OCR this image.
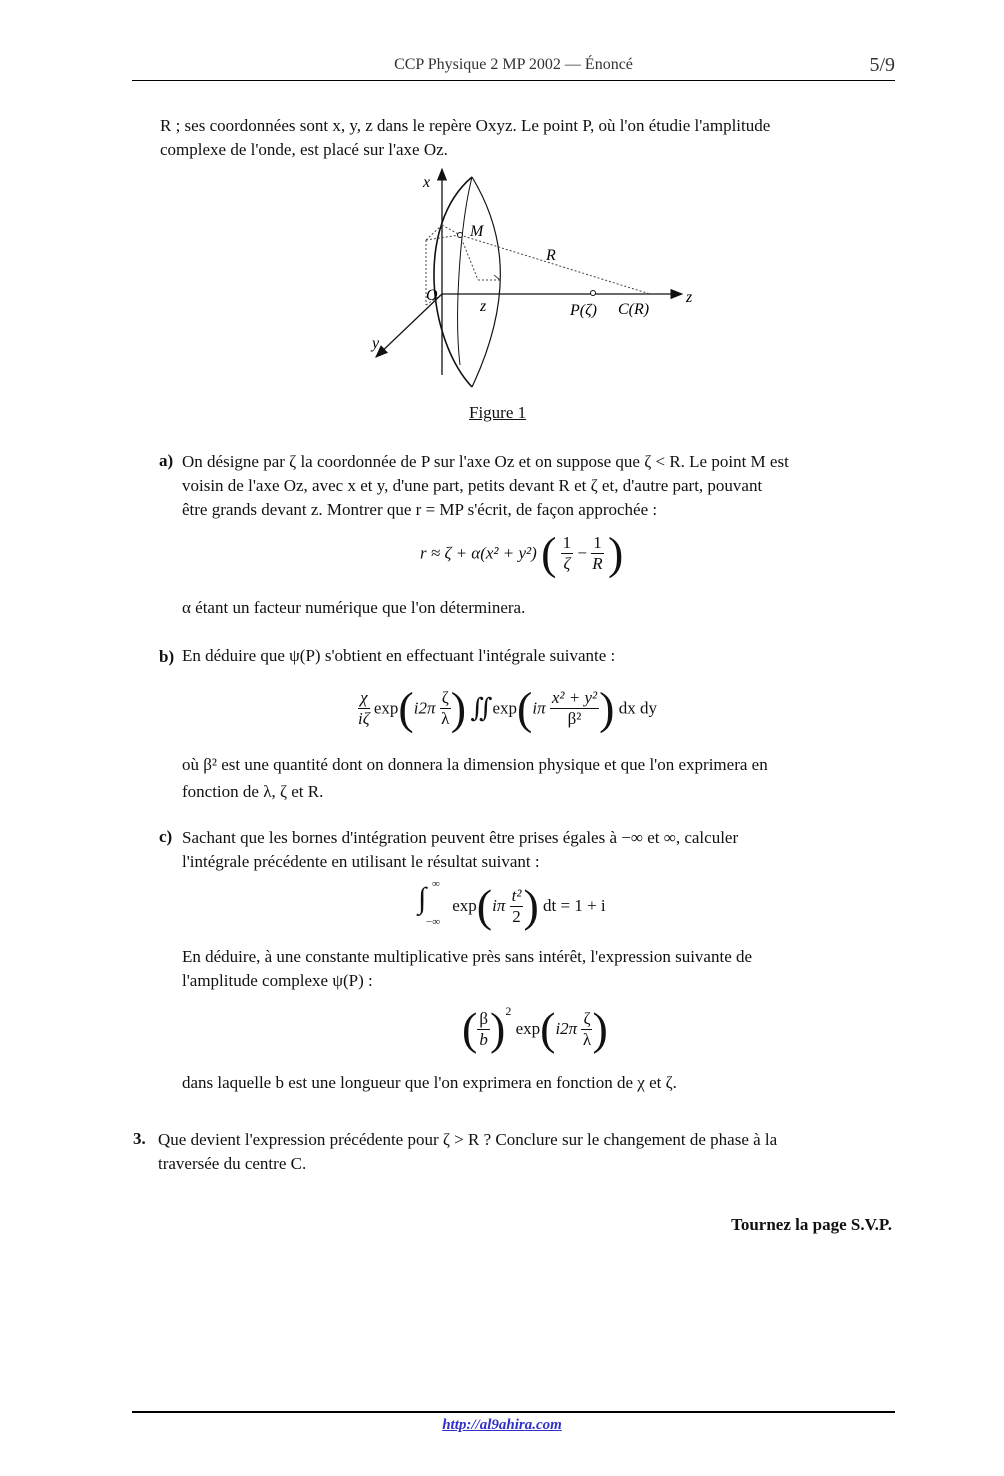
CCP Physique 2 MP 2002 — Énoncé	5/9
R ; ses coordonnées sont x, y, z dans le repère Oxyz. Le point P, où l'on étudie l'amplitude
complexe de l'onde, est placé sur l'axe Oz.
x
z
y
O
M
R
z	P(ζ) C(R)
Figure 1
a) On désigne par ζ la coordonnée de P sur l'axe Oz et on suppose que ζ < R. Le point M est
voisin de l'axe Oz, avec x et y, d'une part, petits devant R et ζ et, d'autre part, pouvant
être grands devant z. Montrer que r = MP s'écrit, de façon approchée :
r ≈ ζ + α(x² + y²) ( $\frac{1}{\zeta} - \frac{1}{R}$ )
α étant un facteur numérique que l'on déterminera.
b) En déduire que ψ(P) s'obtient en effectuant l'intégrale suivante :
$\frac{\chi}{i\zeta} \exp(i2\pi \frac{\zeta}{\lambda}$ ) ∬exp(iπ $\frac{\text{x² + y²}}{\text{β²}}$ ) dx dy
où β² est une quantité dont on donnera la dimension physique et que l'on exprimera en
fonction de λ, ζ et R.
c) Sachant que les bornes d'intégration peuvent être prises égales à −∞ et ∞, calculer
l'intégrale précédente en utilisant le résultat suivant :
∫ ∞
−∞
$\exp(i\pi \frac{\text{t²}}{2}$ ) dt = 1 + i
En déduire, à une constante multiplicative près sans intérêt, l'expression suivante de
l'amplitude complexe ψ(P) :
( $\frac{\beta}{b} )^2$ $\exp(i2\pi \frac{\zeta}{\lambda}$ )
dans laquelle b est une longueur que l'on exprimera en fonction de χ et ζ.
3. Que devient l'expression précédente pour ζ > R ? Conclure sur le changement de phase à la
traversée du centre C.
Tournez la page S.V.P.
http://al9ahira.com
